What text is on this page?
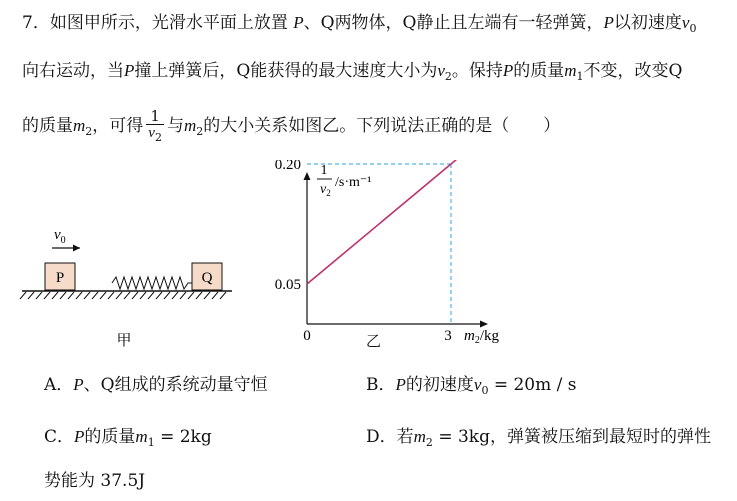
7．如图甲所示，光滑水平面上放置 P、Q两物体，Q静止且左端有一轻弹簧，P以初速度$v_0$
向右运动，当P撞上弹簧后，Q能获得的最大速度大小为$v_2$。保持P的质量$m_1$不变，改变Q
的质量$m_2$，可得 $\frac{1}{v_2}$ 与$m_2$的大小关系如图乙。下列说法正确的是（　　）
$v_0$
P	Q
甲
1
$v_2$
/s·m⁻¹
0.20
0.05
0	3 $m_2/kg$
乙
A．P、Q组成的系统动量守恒	B．P的初速度$v_0 = 20m / s$
C．P的质量$m_1 = 2kg$	D．若$m_2 = 3kg$，弹簧被压缩到最短时的弹性
势能为 37.5J
